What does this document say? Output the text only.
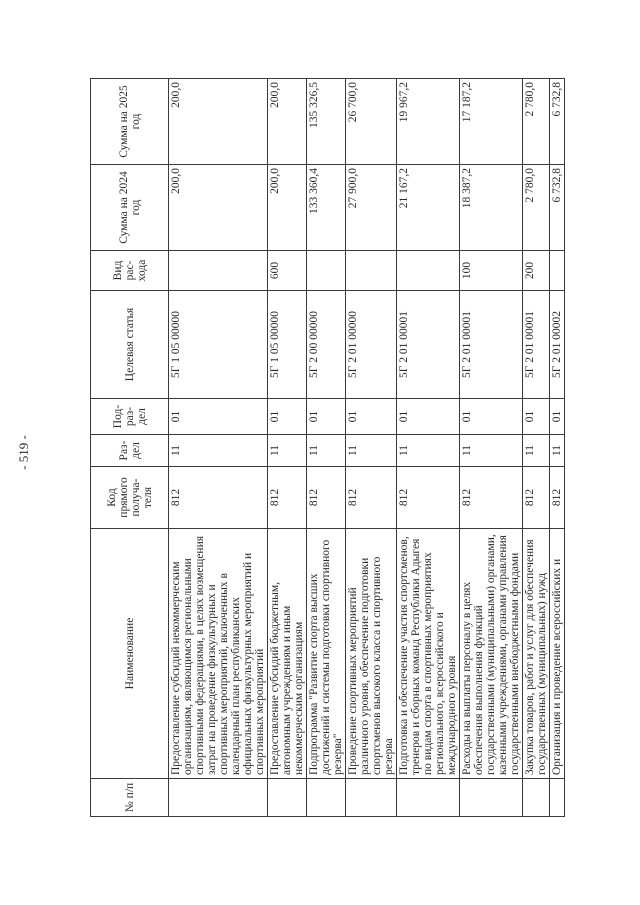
- 519 -
№ п/п	Наименование	Код прямого получа-теля	Раз-дел	Под-раз-дел	Целевая статья	Вид рас-хода	Сумма на 2024 год	Сумма на 2025 год
	Предоставление субсидий некоммерческим организациям, являющимся региональными спортивными федерациями, в целях возмещения затрат на проведение физкультурных и спортивных мероприятий, включенных в календарный план республиканских официальных физкультурных мероприятий и спортивных мероприятий	812	11	01	5Г 1 05 00000		200,0	200,0
	Предоставление субсидий бюджетным, автономным учреждениям и иным некоммерческим организациям	812	11	01	5Г 1 05 00000	600	200,0	200,0
	Подпрограмма "Развитие спорта высших достижений и системы подготовки спортивного резерва"	812	11	01	5Г 2 00 00000		133 360,4	135 326,5
	Проведение спортивных мероприятий различного уровня, обеспечение подготовки спортсменов высокого класса и спортивного резерва	812	11	01	5Г 2 01 00000		27 900,0	26 700,0
	Подготовка и обеспечение участия спортсменов, тренеров и сборных команд Республики Адыгея по видам спорта в спортивных мероприятиях регионального, всероссийского и международного уровня	812	11	01	5Г 2 01 00001		21 167,2	19 967,2
	Расходы на выплаты персоналу в целях обеспечения выполнения функций государственными (муниципальными) органами, казенными учреждениями, органами управления государственными внебюджетными фондами	812	11	01	5Г 2 01 00001	100	18 387,2	17 187,2
	Закупка товаров, работ и услуг для обеспечения государственных (муниципальных) нужд	812	11	01	5Г 2 01 00001	200	2 780,0	2 780,0
	Организация и проведение всероссийских и	812	11	01	5Г 2 01 00002		6 732,8	6 732,8
